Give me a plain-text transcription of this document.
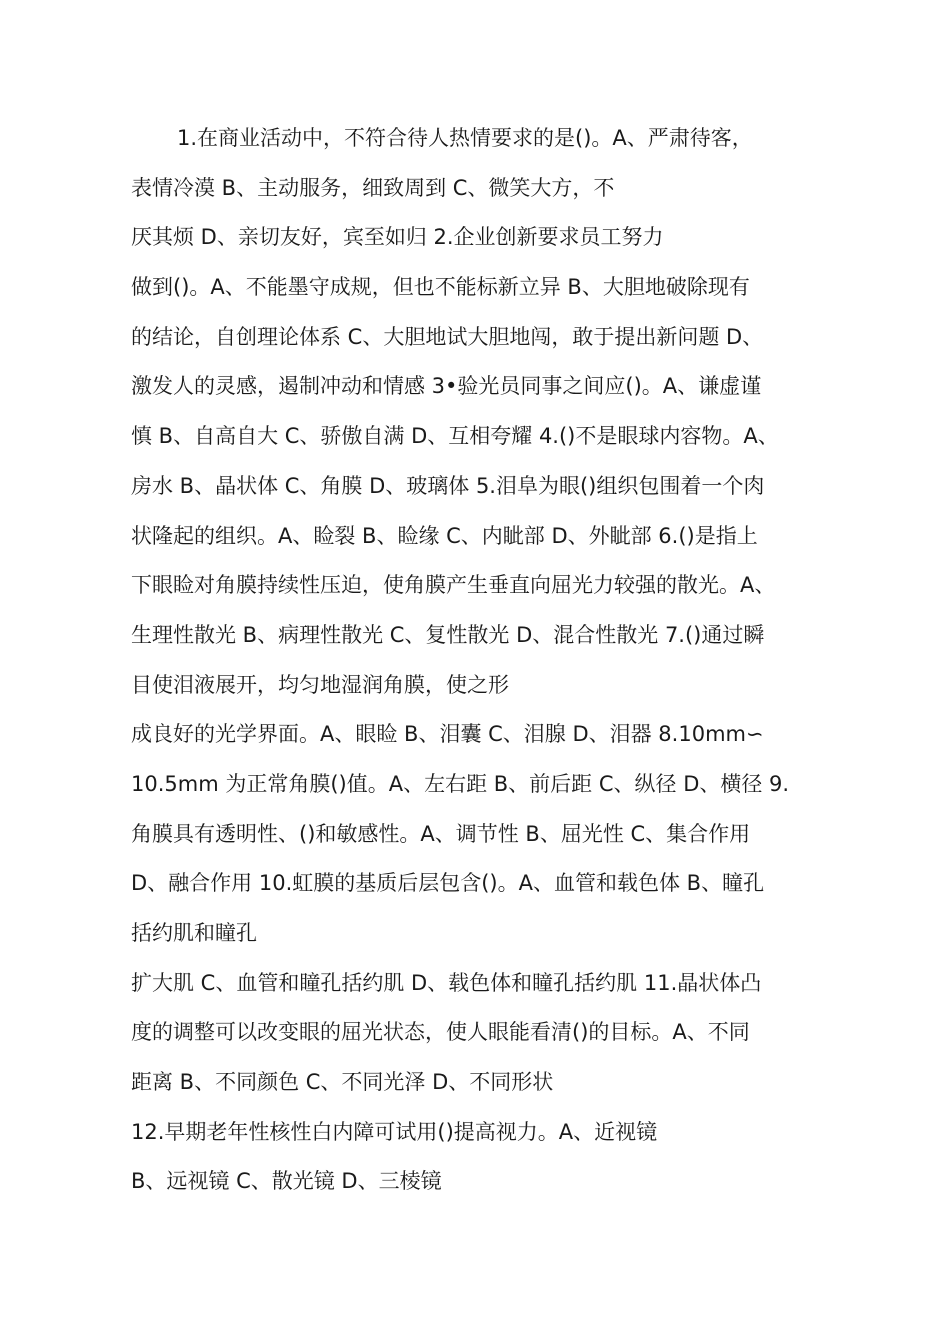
1.在商业活动中，不符合待人热情要求的是()。A、严肃待客，
表情冷漠 B、主动服务，细致周到 C、微笑大方，不
厌其烦 D、亲切友好，宾至如归 2.企业创新要求员工努力
做到()。A、不能墨守成规，但也不能标新立异 B、大胆地破除现有
的结论，自创理论体系 C、大胆地试大胆地闯，敢于提出新问题 D、
激发人的灵感，遏制冲动和情感 3•验光员同事之间应()。A、谦虚谨
慎 B、自高自大 C、骄傲自满 D、互相夸耀 4.()不是眼球内容物。A、
房水 B、晶状体 C、角膜 D、玻璃体 5.泪阜为眼()组织包围着一个肉
状隆起的组织。A、睑裂 B、睑缘 C、内眦部 D、外眦部 6.()是指上
下眼睑对角膜持续性压迫，使角膜产生垂直向屈光力较强的散光。A、
生理性散光 B、病理性散光 C、复性散光 D、混合性散光 7.()通过瞬
目使泪液展开，均匀地湿润角膜，使之形
成良好的光学界面。A、眼睑 B、泪囊 C、泪腺 D、泪器 8.10mm∽
10.5mm 为正常角膜()值。A、左右距 B、前后距 C、纵径 D、横径 9.
角膜具有透明性、()和敏感性。A、调节性 B、屈光性 C、集合作用
D、融合作用 10.虹膜的基质后层包含()。A、血管和载色体 B、瞳孔
括约肌和瞳孔
扩大肌 C、血管和瞳孔括约肌 D、载色体和瞳孔括约肌 11.晶状体凸
度的调整可以改变眼的屈光状态，使人眼能看清()的目标。A、不同
距离 B、不同颜色 C、不同光泽 D、不同形状
12.早期老年性核性白内障可试用()提高视力。A、近视镜
B、远视镜 C、散光镜 D、三棱镜
